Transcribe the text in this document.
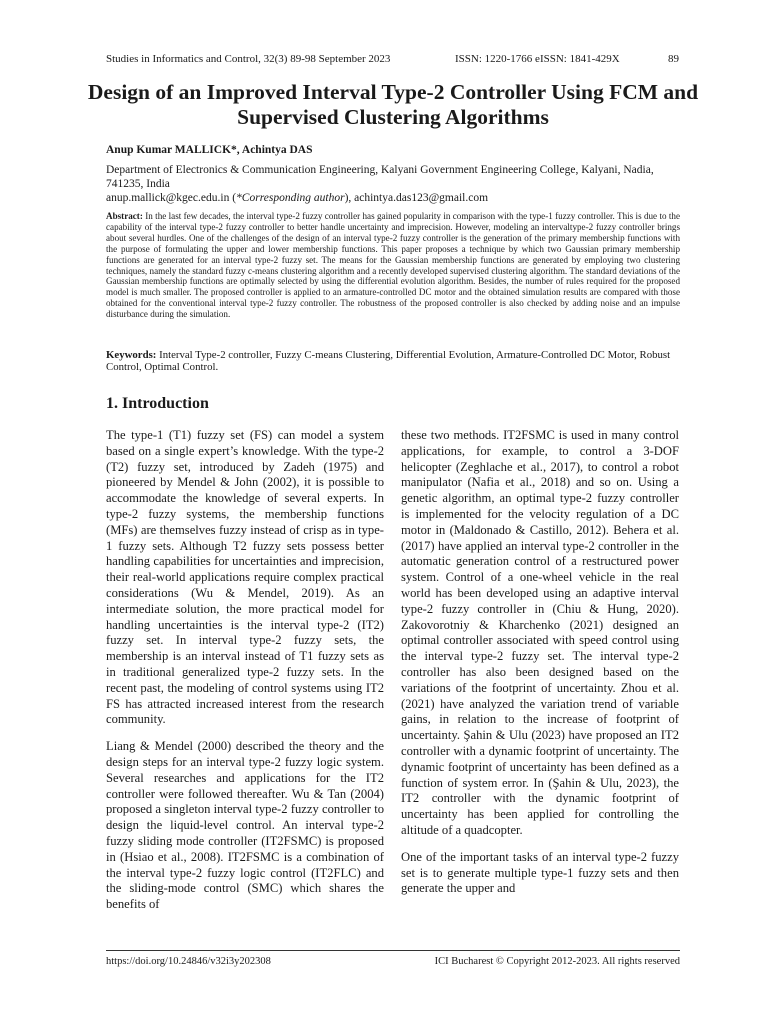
Studies in Informatics and Control, 32(3) 89-98 September 2023	ISSN: 1220-1766 eISSN: 1841-429X	89
Design of an Improved Interval Type-2 Controller Using FCM and Supervised Clustering Algorithms
Anup Kumar MALLICK*, Achintya DAS
Department of Electronics & Communication Engineering, Kalyani Government Engineering College, Kalyani, Nadia, 741235, India
anup.mallick@kgec.edu.in (*Corresponding author), achintya.das123@gmail.com
Abstract: In the last few decades, the interval type-2 fuzzy controller has gained popularity in comparison with the type-1 fuzzy controller. This is due to the capability of the interval type-2 fuzzy controller to better handle uncertainty and imprecision. However, modeling an intervaltype-2 fuzzy controller brings about several hurdles. One of the challenges of the design of an interval type-2 fuzzy controller is the generation of the primary membership functions with the purpose of formulating the upper and lower membership functions. This paper proposes a technique by which two Gaussian primary membership functions are generated for an interval type-2 fuzzy set. The means for the Gaussian membership functions are generated by employing two clustering techniques, namely the standard fuzzy c-means clustering algorithm and a recently developed supervised clustering algorithm. The standard deviations of the Gaussian membership functions are optimally selected by using the differential evolution algorithm. Besides, the number of rules required for the proposed model is much smaller. The proposed controller is applied to an armature-controlled DC motor and the obtained simulation results are compared with those obtained for the conventional interval type-2 fuzzy controller. The robustness of the proposed controller is also checked by adding noise and an impulse disturbance during the simulation.
Keywords: Interval Type-2 controller, Fuzzy C-means Clustering, Differential Evolution, Armature-Controlled DC Motor, Robust Control, Optimal Control.
1. Introduction

The type-1 (T1) fuzzy set (FS) can model a system based on a single expert’s knowledge. With the type-2 (T2) fuzzy set, introduced by Zadeh (1975) and pioneered by Mendel & John (2002), it is possible to accommodate the knowledge of several experts. In type-2 fuzzy systems, the membership functions (MFs) are themselves fuzzy instead of crisp as in type-1 fuzzy sets. Although T2 fuzzy sets possess better handling capabilities for uncertainties and imprecision, their real-world applications require complex practical considerations (Wu & Mendel, 2019). As an intermediate solution, the more practical model for handling uncertainties is the interval type-2 (IT2) fuzzy set. In interval type-2 fuzzy sets, the membership is an interval instead of T1 fuzzy sets as in traditional generalized type-2 fuzzy sets. In the recent past, the modeling of control systems using IT2 FS has attracted increased interest from the research community.

Liang & Mendel (2000) described the theory and the design steps for an interval type-2 fuzzy logic system. Several researches and applications for the IT2 controller were followed thereafter. Wu & Tan (2004) proposed a singleton interval type-2 fuzzy controller to design the liquid-level control. An interval type-2 fuzzy sliding mode controller (IT2FSMC) is proposed in (Hsiao et al., 2008). IT2FSMC is a combination of the interval type-2 fuzzy logic control (IT2FLC) and the sliding-mode control (SMC) which shares the benefits of

these two methods. IT2FSMC is used in many control applications, for example, to control a 3-DOF helicopter (Zeghlache et al., 2017), to control a robot manipulator (Nafia et al., 2018) and so on. Using a genetic algorithm, an optimal type-2 fuzzy controller is implemented for the velocity regulation of a DC motor in (Maldonado & Castillo, 2012). Behera et al. (2017) have applied an interval type-2 controller in the automatic generation control of a restructured power system. Control of a one-wheel vehicle in the real world has been developed using an adaptive interval type-2 fuzzy controller in (Chiu & Hung, 2020). Zakovorotniy & Kharchenko (2021) designed an optimal controller associated with speed control using the interval type-2 fuzzy set. The interval type-2 controller has also been designed based on the variations of the footprint of uncertainty. Zhou et al. (2021) have analyzed the variation trend of variable gains, in relation to the increase of footprint of uncertainty. Şahin & Ulu (2023) have proposed an IT2 controller with a dynamic footprint of uncertainty. The dynamic footprint of uncertainty has been defined as a function of system error. In (Şahin & Ulu, 2023), the IT2 controller with the dynamic footprint of uncertainty has been applied for controlling the altitude of a quadcopter.

One of the important tasks of an interval type-2 fuzzy set is to generate multiple type-1 fuzzy sets and then generate the upper and

https://doi.org/10.24846/v32i3y202308	ICI Bucharest © Copyright 2012-2023. All rights reserved
